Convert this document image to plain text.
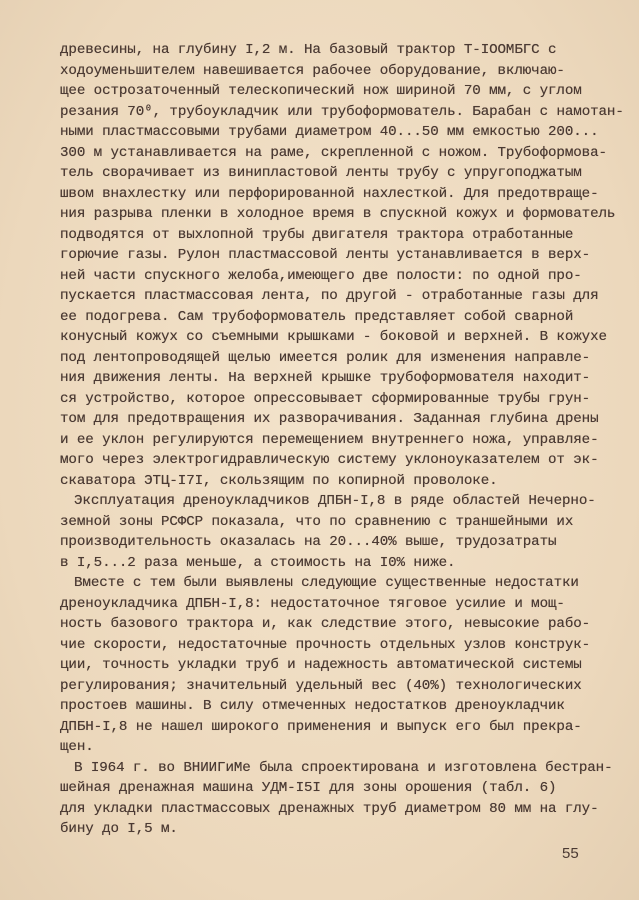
древесины, на глубину I,2 м. На базовый трактор Т-IООМБГС с
ходоуменьшителем навешивается рабочее оборудование, включаю-
щее острозаточенный телескопический нож шириной 70 мм, с углом
резания 70⁰, трубоукладчик или трубоформователь. Барабан с намотан-
ными пластмассовыми трубами диаметром 40...50 мм емкостью 200...
300 м устанавливается на раме, скрепленной с ножом. Трубоформова-
тель сворачивает из винипластовой ленты трубу с упругоподжатым
швом внахлестку или перфорированной нахлесткой. Для предотвраще-
ния разрыва пленки в холодное время в спускной кожух и формователь
подводятся от выхлопной трубы двигателя трактора отработанные
горючие газы. Рулон пластмассовой ленты устанавливается в верх-
ней части спускного желоба,имеющего две полости: по одной про-
пускается пластмассовая лента, по другой - отработанные газы для
ее подогрева. Сам трубоформователь представляет собой сварной
конусный кожух со съемными крышками - боковой и верхней. В кожухе
под лентопроводящей щелью имеется ролик для изменения направле-
ния движения ленты. На верхней крышке трубоформователя находит-
ся устройство, которое опрессовывает сформированные трубы грун-
том для предотвращения их разворачивания. Заданная глубина дрены
и ее уклон регулируются перемещением внутреннего ножа, управляе-
мого через электрогидравлическую систему уклоноуказателем от эк-
скаватора ЭТЦ-I7I, скользящим по копирной проволоке.
Эксплуатация дреноукладчиков ДПБН-I,8 в ряде областей Нечерно-
земной зоны РСФСР показала, что по сравнению с траншейными их
производительность оказалась на 20...40% выше, трудозатраты
в I,5...2 раза меньше, а стоимость на I0% ниже.
Вместе с тем были выявлены следующие существенные недостатки
дреноукладчика ДПБН-I,8: недостаточное тяговое усилие и мощ-
ность базового трактора и, как следствие этого, невысокие рабо-
чие скорости, недостаточные прочность отдельных узлов конструк-
ции, точность укладки труб и надежность автоматической системы
регулирования; значительный удельный вес (40%) технологических
простоев машины. В силу отмеченных недостатков дреноукладчик
ДПБН-I,8 не нашел широкого применения и выпуск его был прекра-
щен.
В I964 г. во ВНИИГиМе была спроектирована и изготовлена бестран-
шейная дренажная машина УДМ-I5I для зоны орошения (табл. 6)
для укладки пластмассовых дренажных труб диаметром 80 мм на глу-
бину до I,5 м.
55
